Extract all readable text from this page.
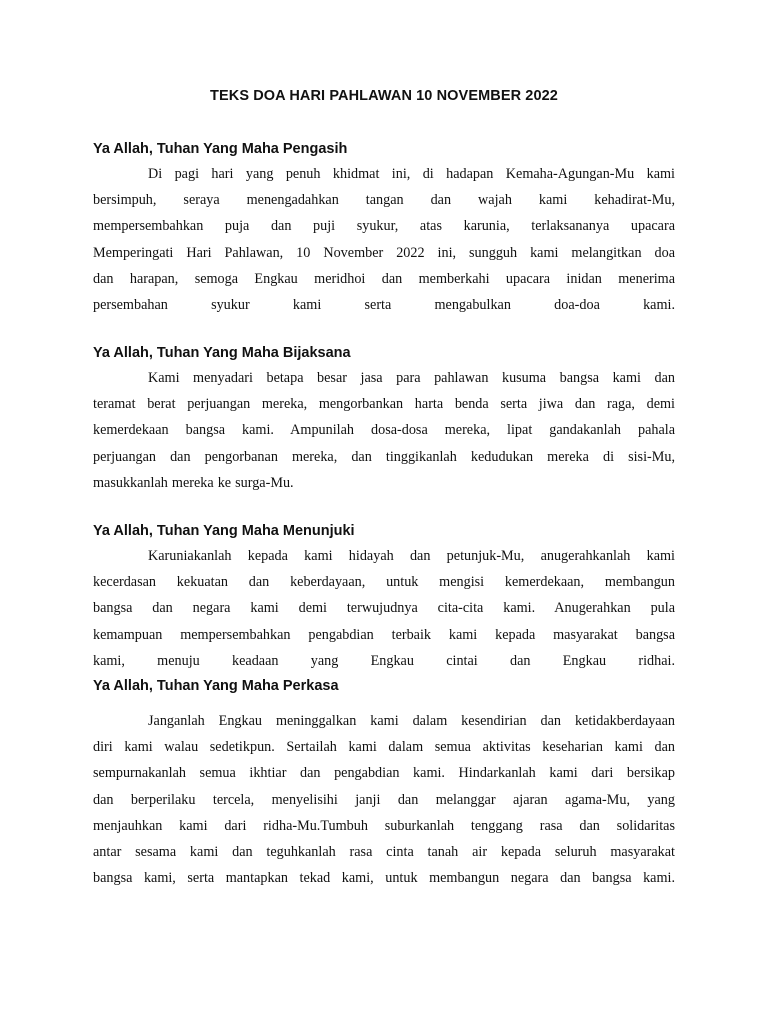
TEKS DOA HARI PAHLAWAN 10 NOVEMBER 2022
Ya Allah, Tuhan Yang Maha Pengasih

Di pagi hari yang penuh khidmat ini, di hadapan Kemaha-Agungan-Mu kami
bersimpuh, seraya menengadahkan tangan dan wajah kami kehadirat-Mu,
mempersembahkan puja dan puji syukur, atas karunia, terlaksananya upacara
Memperingati Hari Pahlawan, 10 November 2022 ini, sungguh kami melangitkan doa
dan harapan, semoga Engkau meridhoi dan memberkahi upacara inidan menerima
persembahan syukur kami serta mengabulkan doa-doa kami.

Ya Allah, Tuhan Yang Maha Bijaksana

Kami menyadari betapa besar jasa para pahlawan kusuma bangsa kami dan
teramat berat perjuangan mereka, mengorbankan harta benda serta jiwa dan raga, demi
kemerdekaan bangsa kami. Ampunilah dosa-dosa mereka, lipat gandakanlah pahala
perjuangan dan pengorbanan mereka, dan tinggikanlah kedudukan mereka di sisi-Mu,
masukkanlah mereka ke surga-Mu.

Ya Allah, Tuhan Yang Maha Menunjuki

Karuniakanlah kepada kami hidayah dan petunjuk-Mu, anugerahkanlah kami
kecerdasan kekuatan dan keberdayaan, untuk mengisi kemerdekaan, membangun
bangsa dan negara kami demi terwujudnya cita-cita kami. Anugerahkan pula
kemampuan mempersembahkan pengabdian terbaik kami kepada masyarakat bangsa
kami, menuju keadaan yang Engkau cintai dan Engkau ridhai.

Ya Allah, Tuhan Yang Maha Perkasa

Janganlah Engkau meninggalkan kami dalam kesendirian dan ketidakberdayaan
diri kami walau sedetikpun. Sertailah kami dalam semua aktivitas keseharian kami dan
sempurnakanlah semua ikhtiar dan pengabdian kami. Hindarkanlah kami dari bersikap
dan berperilaku tercela, menyelisihi janji dan melanggar ajaran agama-Mu, yang
menjauhkan kami dari ridha-Mu.Tumbuh suburkanlah tenggang rasa dan solidaritas
antar sesama kami dan teguhkanlah rasa cinta tanah air kepada seluruh masyarakat
bangsa kami, serta mantapkan tekad kami, untuk membangun negara dan bangsa kami.
